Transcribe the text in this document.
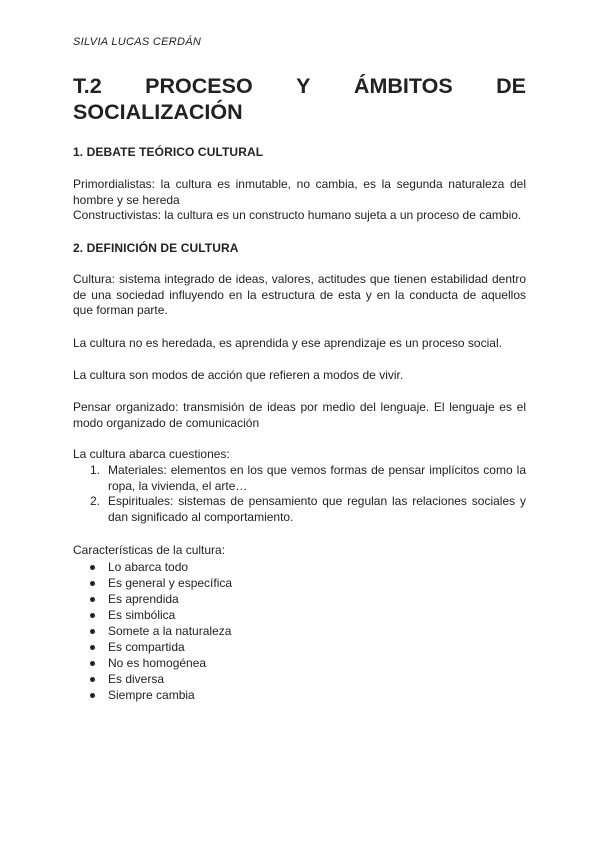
SILVIA LUCAS CERDÁN
T.2 PROCESO Y ÁMBITOS DE
SOCIALIZACIÓN
1. DEBATE TEÓRICO CULTURAL
Primordialistas: la cultura es inmutable, no cambia, es la segunda naturaleza del hombre y se hereda
Constructivistas: la cultura es un constructo humano sujeta a un proceso de cambio.
2. DEFINICIÓN DE CULTURA
Cultura: sistema integrado de ideas, valores, actitudes que tienen estabilidad dentro de una sociedad influyendo en la estructura de esta y en la conducta de aquellos que forman parte.
La cultura no es heredada, es aprendida y ese aprendizaje es un proceso social.
La cultura son modos de acción que refieren a modos de vivir.
Pensar organizado: transmisión de ideas por medio del lenguaje. El lenguaje es el modo organizado de comunicación
La cultura abarca cuestiones:
1. Materiales: elementos en los que vemos formas de pensar implícitos como la ropa, la vivienda, el arte…
2. Espirituales: sistemas de pensamiento que regulan las relaciones sociales y dan significado al comportamiento.
Características de la cultura:
Lo abarca todo
Es general y específica
Es aprendida
Es simbólica
Somete a la naturaleza
Es compartida
No es homogénea
Es diversa
Siempre cambia
